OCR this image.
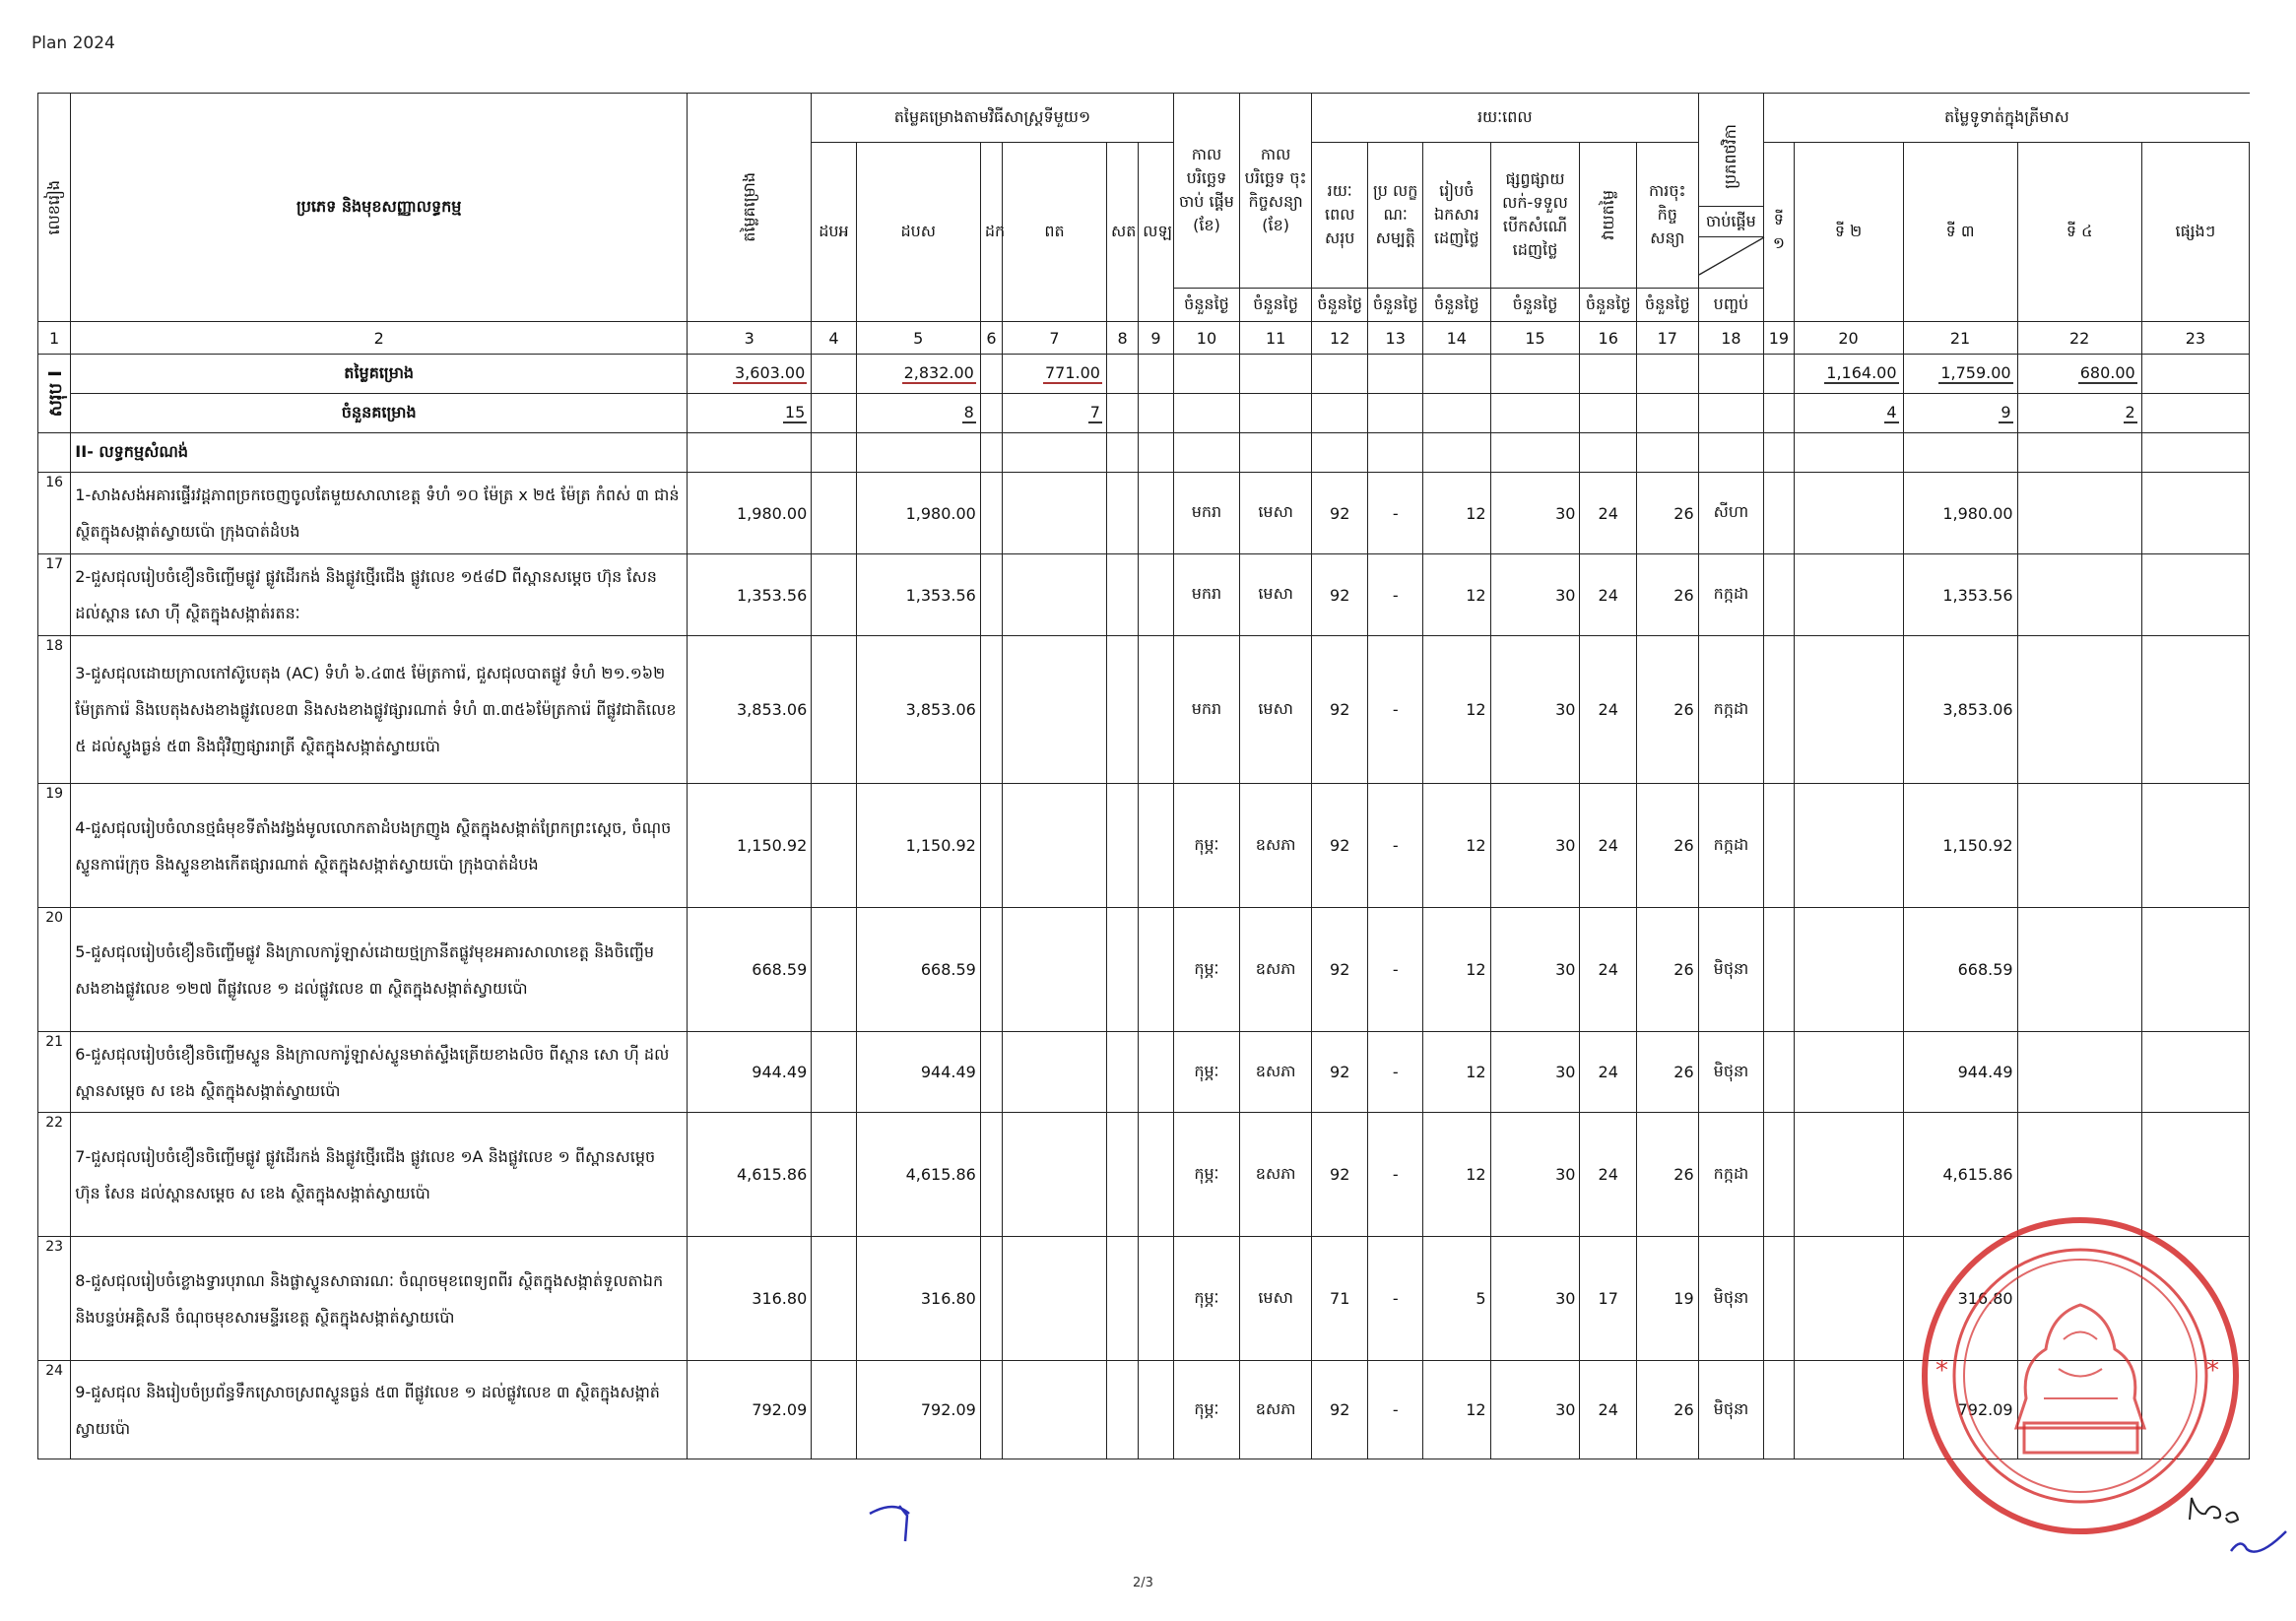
Plan 2024
លេខរៀង	ប្រភេទ និងមុខសញ្ញាលទ្ធកម្ម	តម្លៃគម្រោង	តម្លៃគម្រោងតាមវិធីសាស្ត្រទីមួយ១						កាល បរិច្ឆេទ ចាប់ ផ្តើម (ខែ)	កាល បរិច្ឆេទ ចុះ កិច្ចសន្យា (ខែ)	រយៈពេល						ប្រភពថវិកា
ចាប់ផ្តើម	តម្លៃទូទាត់ក្នុងត្រីមាស				
			ដបអ	ដបស	ដក	ពត	សត	លឡ			រយៈ ពេល សរុប	ប្រ លក្ខ ណៈ សម្បត្តិ	រៀបចំ ឯកសារ ដេញថ្លៃ	ផ្សព្វផ្សាយ លក់-ទទួល បើកសំណើ ដេញថ្លៃ	វាយតម្លៃ	ការចុះ កិច្ច សន្យា		ទី ១	ទី ២	ទី ៣	ទី ៤	ផ្សេងៗ
									ចំនួនថ្ងៃ	ចំនួនថ្ងៃ	ចំនួនថ្ងៃ	ចំនួនថ្ងៃ	ចំនួនថ្ងៃ	ចំនួនថ្ងៃ	ចំនួនថ្ងៃ	ចំនួនថ្ងៃ	បញ្ចប់					
1	2	3	4	5	6	7	8	9	10	11	12	13	14	15	16	17	18	19	20	21	22	23

សរុប I	តម្លៃគម្រោង	3,603.00		2,832.00		771.00													1,164.00	1,759.00	680.00	
	ចំនួនគម្រោង	15		8		7													4	9	2	
	II- លទ្ធកម្មសំណង់																					
16	1-សាងសង់អគារផ្ទើរវដ្តភាពច្រកចេញចូលតែមួយសាលាខេត្ត ទំហំ ១០ ម៉ែត្រ x ២៥ ម៉ែត្រ កំពស់ ៣ ជាន់ ស្ថិតក្នុងសង្កាត់ស្វាយប៉ោ ក្រុងបាត់ដំបង	1,980.00		1,980.00					មករា	មេសា	92	-	12	30	24	26	សីហា			1,980.00		
17	2-ជួសជុលរៀបចំខឿនចិញ្ចើមផ្លូវ ផ្លូវដើរកង់ និងផ្លូវថ្មើរជើង ផ្លូវលេខ ១៥៨D ពីស្ពានសម្ដេច ហ៊ុន សែន ដល់ស្ពាន សោ ហ៊ី ស្ថិតក្នុងសង្កាត់រតនៈ	1,353.56		1,353.56					មករា	មេសា	92	-	12	30	24	26	កក្កដា			1,353.56		
18	3-ជួសជុលដោយក្រាលកៅស៊ូបេតុង (AC) ទំហំ ៦.៤៣៥ ម៉ែត្រការ៉េ, ជួសជុលបាតផ្លូវ ទំហំ ២១.១៦២ ម៉ែត្រការ៉េ និងបេតុងសងខាងផ្លូវលេខ៣ និងសងខាងផ្លូវផ្សារណាត់ ទំហំ ៣.៣៥៦ម៉ែត្រការ៉េ ពីផ្លូវជាតិលេខ ៥ ដល់ស្ទូងធ្ងន់ ៥៣ និងជុំវិញផ្សាររាត្រី ស្ថិតក្នុងសង្កាត់ស្វាយប៉ោ	3,853.06		3,853.06					មករា	មេសា	92	-	12	30	24	26	កក្កដា			3,853.06		
19	4-ជួសជុលរៀបចំលានថ្មធំមុខទីតាំងវង្វង់មូលលោកតាដំបងក្រញូង ស្ថិតក្នុងសង្កាត់ព្រែកព្រះស្ដេច, ចំណុចស្ទូនការ៉េក្រុច និងស្ទូនខាងកើតផ្សារណាត់ ស្ថិតក្នុងសង្កាត់ស្វាយប៉ោ ក្រុងបាត់ដំបង	1,150.92		1,150.92					កុម្ភៈ	ឧសភា	92	-	12	30	24	26	កក្កដា			1,150.92		
20	5-ជួសជុលរៀបចំខឿនចិញ្ចើមផ្លូវ និងក្រាលការ៉ូឡាស់ដោយថ្មក្រានីតផ្លូវមុខអគារសាលាខេត្ត និងចិញ្ចើមសងខាងផ្លូវលេខ ១២៧ ពីផ្លូវលេខ ១ ដល់ផ្លូវលេខ ៣ ស្ថិតក្នុងសង្កាត់ស្វាយប៉ោ	668.59		668.59					កុម្ភៈ	ឧសភា	92	-	12	30	24	26	មិថុនា			668.59		
21	6-ជួសជុលរៀបចំខឿនចិញ្ចើមស្ទូន និងក្រាលការ៉ូឡាស់ស្ទូនមាត់ស្ទឹងត្រើយខាងលិច ពីស្ពាន សោ ហ៊ី ដល់ស្ពានសម្តេច ស ខេង ស្ថិតក្នុងសង្កាត់ស្វាយប៉ោ	944.49		944.49					កុម្ភៈ	ឧសភា	92	-	12	30	24	26	មិថុនា			944.49		
22	7-ជួសជុលរៀបចំខឿនចិញ្ចើមផ្លូវ ផ្លូវដើរកង់ និងផ្លូវថ្មើរជើង ផ្លូវលេខ ១A និងផ្លូវលេខ ១ ពីស្ពានសម្ដេច ហ៊ុន សែន ដល់ស្ពានសម្ដេច ស ខេង ស្ថិតក្នុងសង្កាត់ស្វាយប៉ោ	4,615.86		4,615.86					កុម្ភៈ	ឧសភា	92	-	12	30	24	26	កក្កដា			4,615.86		
23	8-ជួសជុលរៀបចំខ្លោងទ្វារបុរាណ និងផ្លាស្ទូនសាធារណៈ ចំណុចមុខពេទ្យពពីរ ស្ថិតក្នុងសង្កាត់ទួលតាឯក និងបន្ទប់អគ្គិសនី ចំណុចមុខសារមន្ទីរខេត្ត ស្ថិតក្នុងសង្កាត់ស្វាយប៉ោ	316.80		316.80					កុម្ភៈ	មេសា	71	-	5	30	17	19	មិថុនា			316.80		
24	9-ជួសជុល និងរៀបចំប្រព័ន្ធទឹកស្រោចស្រពស្ទូនធ្ងន់ ៥៣ ពីផ្លូវលេខ ១ ដល់ផ្លូវលេខ ៣ ស្ថិតក្នុងសង្កាត់ស្វាយប៉ោ	792.09		792.09					កុម្ភៈ	ឧសភា	92	-	12	30	24	26	មិថុនា			792.09		
2/3
*	*
